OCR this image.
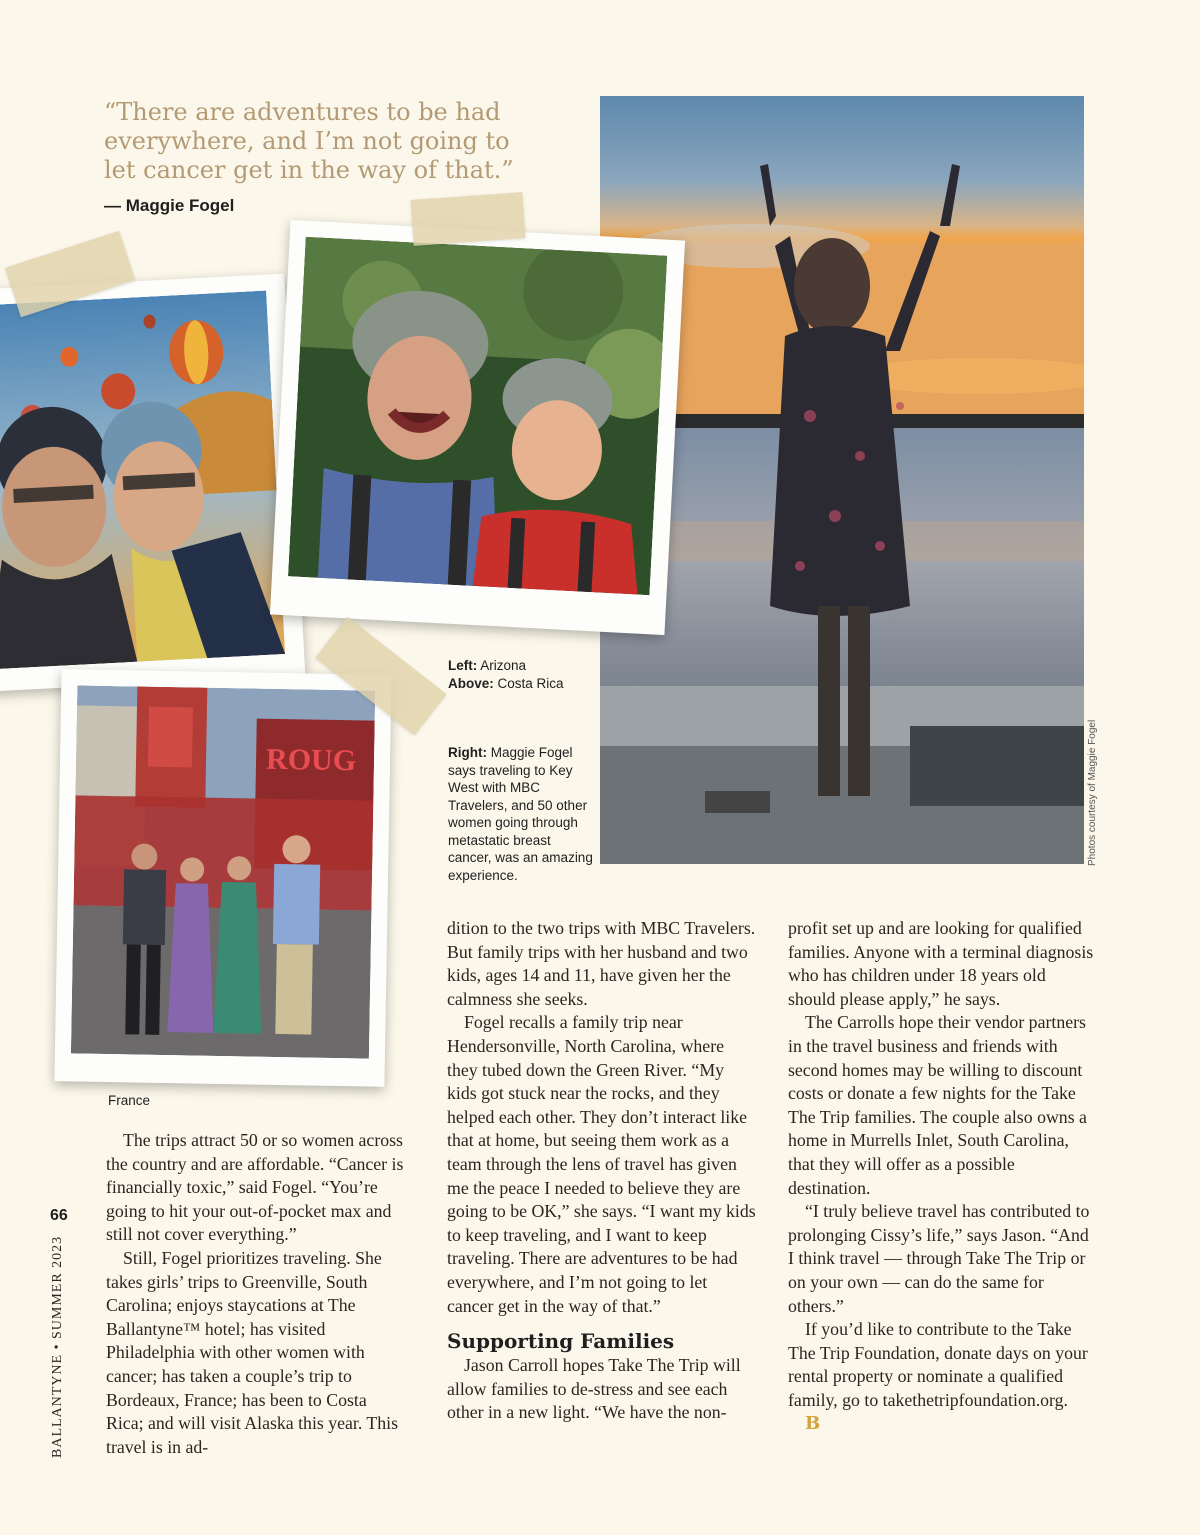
“There are adventures to be had everywhere, and I’m not going to let cancer get in the way of that.”

— Maggie Fogel
ROUG
Left: Arizona
Above: Costa Rica
Right: Maggie Fogel says traveling to Key West with MBC Travelers, and 50 other women going through metastatic breast cancer, was an amazing experience.
France
Photos courtesy of Maggie Fogel

The trips attract 50 or so women across the country and are affordable. “Cancer is financially toxic,” said Fogel. “You’re going to hit your out-of-pocket max and still not cover everything.”

Still, Fogel prioritizes traveling. She takes girls’ trips to Greenville, South Carolina; enjoys staycations at The Ballantyne™ hotel; has visited Philadelphia with other women with cancer; has taken a couple’s trip to Bordeaux, France; has been to Costa Rica; and will visit Alaska this year. This travel is in ad-

dition to the two trips with MBC Travelers. But family trips with her husband and two kids, ages 14 and 11, have given her the calmness she seeks.

Fogel recalls a family trip near Hendersonville, North Carolina, where they tubed down the Green River. “My kids got stuck near the rocks, and they helped each other. They don’t interact like that at home, but seeing them work as a team through the lens of travel has given me the peace I needed to believe they are going to be OK,” she says. “I want my kids to keep traveling, and I want to keep traveling. There are adventures to be had everywhere, and I’m not going to let cancer get in the way of that.”

Supporting Families

Jason Carroll hopes Take The Trip will allow families to de-stress and see each other in a new light. “We have the non-

profit set up and are looking for qualified families. Anyone with a terminal diagnosis who has children under 18 years old should please apply,” he says.

The Carrolls hope their vendor partners in the travel business and friends with second homes may be willing to discount costs or donate a few nights for the Take The Trip families. The couple also owns a home in Murrells Inlet, South Carolina, that they will offer as a possible destination.

“I truly believe travel has contributed to prolonging Cissy’s life,” says Jason. “And I think travel — through Take The Trip or on your own — can do the same for others.”

If you’d like to contribute to the Take The Trip Foundation, donate days on your rental property or nominate a qualified family, go to takethetripfoundation.org. B

66
BALLANTYNE • SUMMER 2023
